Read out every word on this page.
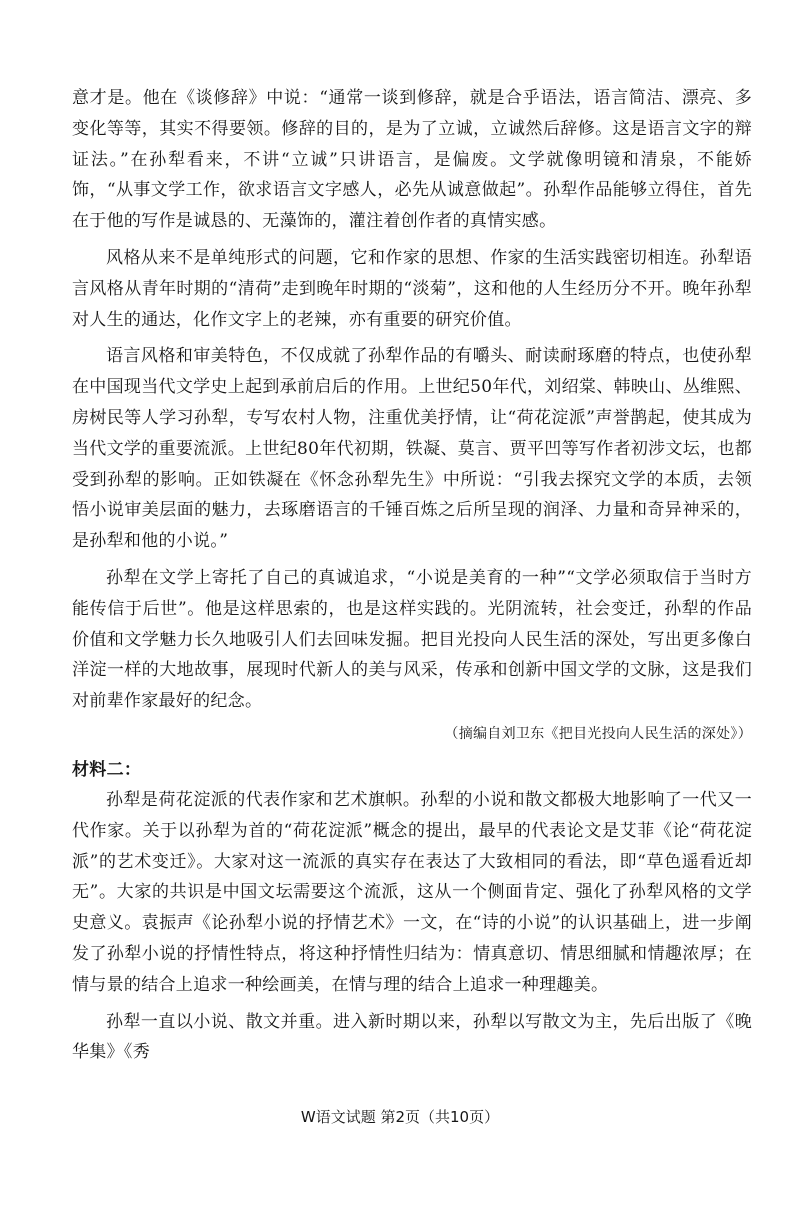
意才是。他在《谈修辞》中说：“通常一谈到修辞，就是合乎语法，语言简洁、漂亮、多变化等等，其实不得要领。修辞的目的，是为了立诚，立诚然后辞修。这是语言文字的辩证法。”在孙犁看来，不讲“立诚”只讲语言，是偏废。文学就像明镜和清泉，不能娇饰，“从事文学工作，欲求语言文字感人，必先从诚意做起”。孙犁作品能够立得住，首先在于他的写作是诚恳的、无藻饰的，灌注着创作者的真情实感。

风格从来不是单纯形式的问题，它和作家的思想、作家的生活实践密切相连。孙犁语言风格从青年时期的“清荷”走到晚年时期的“淡菊”，这和他的人生经历分不开。晚年孙犁对人生的通达，化作文字上的老辣，亦有重要的研究价值。

语言风格和审美特色，不仅成就了孙犁作品的有嚼头、耐读耐琢磨的特点，也使孙犁在中国现当代文学史上起到承前启后的作用。上世纪50年代，刘绍棠、韩映山、丛维熙、房树民等人学习孙犁，专写农村人物，注重优美抒情，让“荷花淀派”声誉鹊起，使其成为当代文学的重要流派。上世纪80年代初期，铁凝、莫言、贾平凹等写作者初涉文坛，也都受到孙犁的影响。正如铁凝在《怀念孙犁先生》中所说：“引我去探究文学的本质，去领悟小说审美层面的魅力，去琢磨语言的千锤百炼之后所呈现的润泽、力量和奇异神采的，是孙犁和他的小说。”

孙犁在文学上寄托了自己的真诚追求，“小说是美育的一种”“文学必须取信于当时方能传信于后世”。他是这样思索的，也是这样实践的。光阴流转，社会变迁，孙犁的作品价值和文学魅力长久地吸引人们去回味发掘。把目光投向人民生活的深处，写出更多像白洋淀一样的大地故事，展现时代新人的美与风采，传承和创新中国文学的文脉，这是我们对前辈作家最好的纪念。

（摘编自刘卫东《把目光投向人民生活的深处》）

材料二：

孙犁是荷花淀派的代表作家和艺术旗帜。孙犁的小说和散文都极大地影响了一代又一代作家。关于以孙犁为首的“荷花淀派”概念的提出，最早的代表论文是艾菲《论“荷花淀派”的艺术变迁》。大家对这一流派的真实存在表达了大致相同的看法，即“草色遥看近却无”。大家的共识是中国文坛需要这个流派，这从一个侧面肯定、强化了孙犁风格的文学史意义。袁振声《论孙犁小说的抒情艺术》一文，在“诗的小说”的认识基础上，进一步阐发了孙犁小说的抒情性特点，将这种抒情性归结为：情真意切、情思细腻和情趣浓厚；在情与景的结合上追求一种绘画美，在情与理的结合上追求一种理趣美。

孙犁一直以小说、散文并重。进入新时期以来，孙犁以写散文为主，先后出版了《晚华集》《秀

W语文试题 第2页（共10页）
